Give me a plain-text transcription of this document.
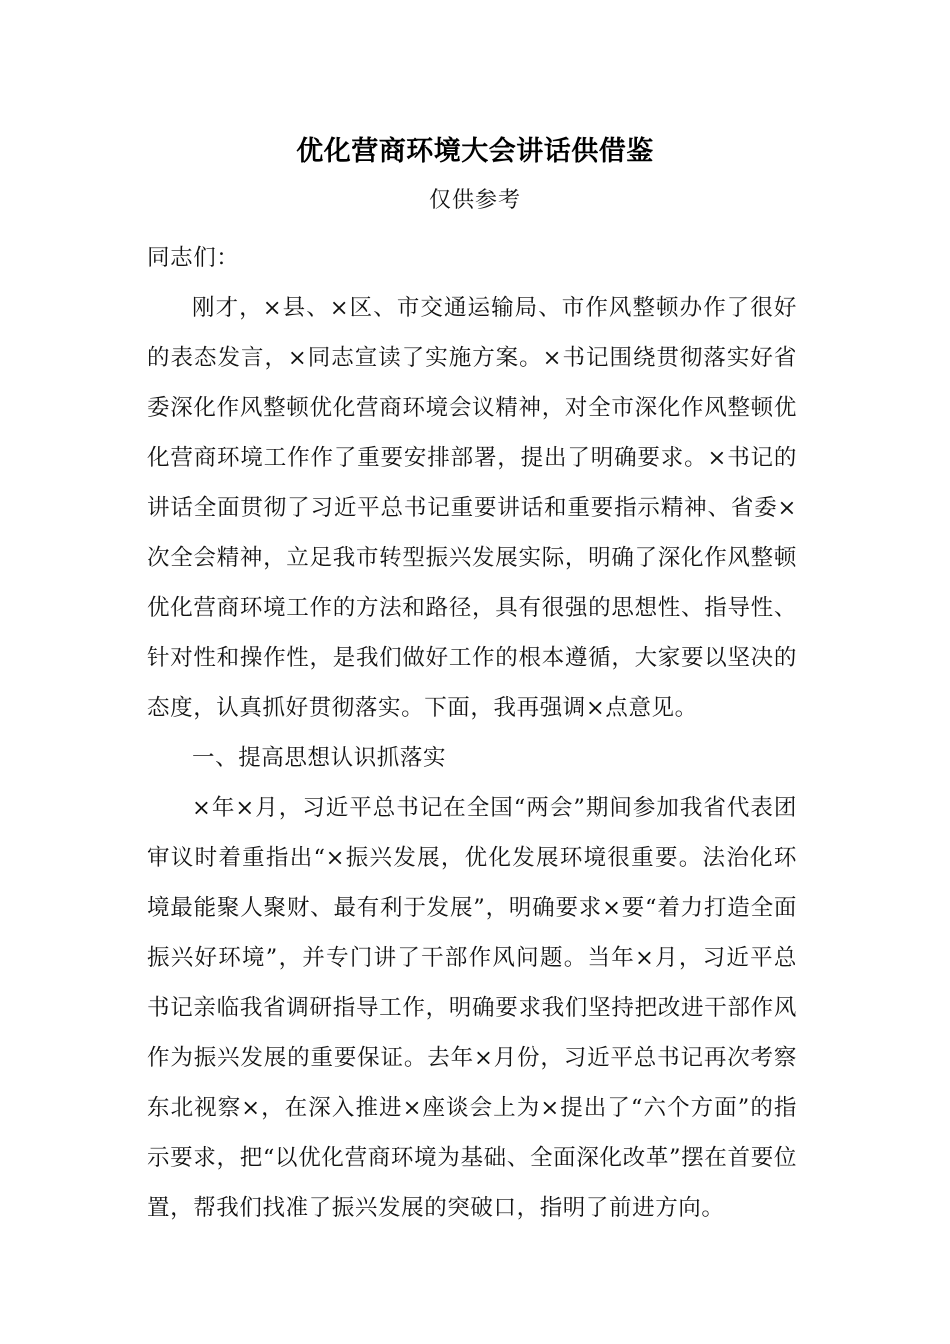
优化营商环境大会讲话供借鉴
仅供参考

同志们：

刚才，×县、×区、市交通运输局、市作风整顿办作了很好的表态发言，×同志宣读了实施方案。×书记围绕贯彻落实好省委深化作风整顿优化营商环境会议精神，对全市深化作风整顿优化营商环境工作作了重要安排部署，提出了明确要求。×书记的讲话全面贯彻了习近平总书记重要讲话和重要指示精神、省委×次全会精神，立足我市转型振兴发展实际，明确了深化作风整顿优化营商环境工作的方法和路径，具有很强的思想性、指导性、针对性和操作性，是我们做好工作的根本遵循，大家要以坚决的态度，认真抓好贯彻落实。下面，我再强调×点意见。

一、提高思想认识抓落实

×年×月，习近平总书记在全国“两会”期间参加我省代表团审议时着重指出“×振兴发展，优化发展环境很重要。法治化环境最能聚人聚财、最有利于发展”，明确要求×要“着力打造全面振兴好环境”，并专门讲了干部作风问题。当年×月，习近平总书记亲临我省调研指导工作，明确要求我们坚持把改进干部作风作为振兴发展的重要保证。去年×月份，习近平总书记再次考察东北视察×，在深入推进×座谈会上为×提出了“六个方面”的指示要求，把“以优化营商环境为基础、全面深化改革”摆在首要位置，帮我们找准了振兴发展的突破口，指明了前进方向。
